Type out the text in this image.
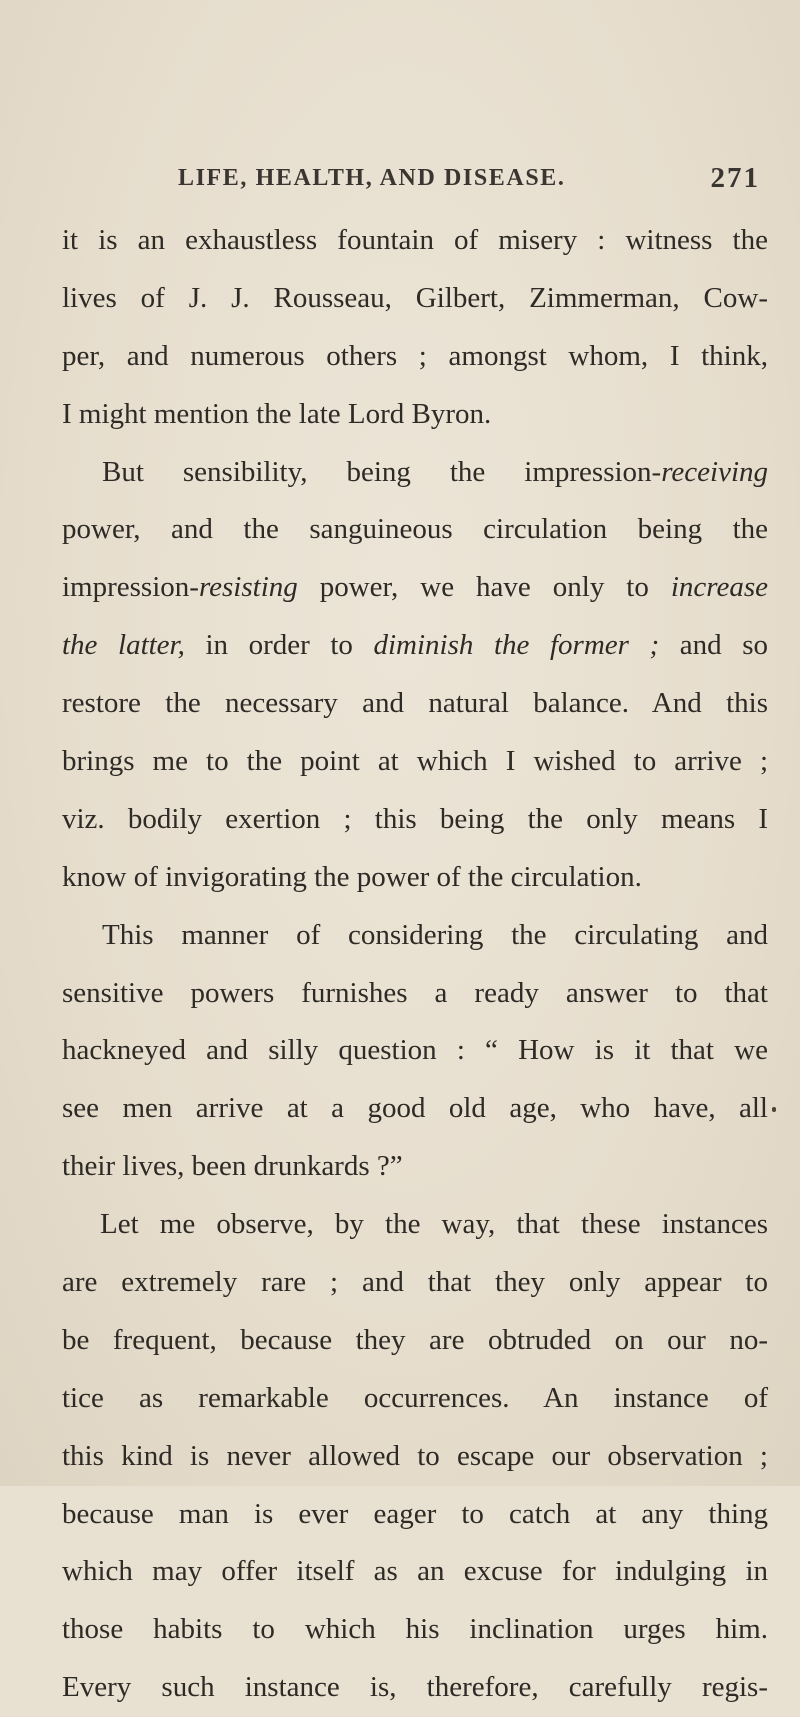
LIFE, HEALTH, AND DISEASE.	271
it is an exhaustless fountain of misery : witness the
lives of J. J. Rousseau, Gilbert, Zimmerman, Cow-
per, and numerous others ; amongst whom, I think,
I might mention the late Lord Byron.
But sensibility, being the impression-receiving
power, and the sanguineous circulation being the
impression-resisting power, we have only to increase
the latter, in order to diminish the former ; and so
restore the necessary and natural balance. And this
brings me to the point at which I wished to arrive ;
viz. bodily exertion ; this being the only means I
know of invigorating the power of the circulation.
This manner of considering the circulating and
sensitive powers furnishes a ready answer to that
hackneyed and silly question : “ How is it that we
see men arrive at a good old age, who have, all
their lives, been drunkards ?”
Let me observe, by the way, that these instances
are extremely rare ; and that they only appear to
be frequent, because they are obtruded on our no-
tice as remarkable occurrences. An instance of
this kind is never allowed to escape our observation ;
because man is ever eager to catch at any thing
which may offer itself as an excuse for indulging in
those habits to which his inclination urges him.
Every such instance is, therefore, carefully regis-
